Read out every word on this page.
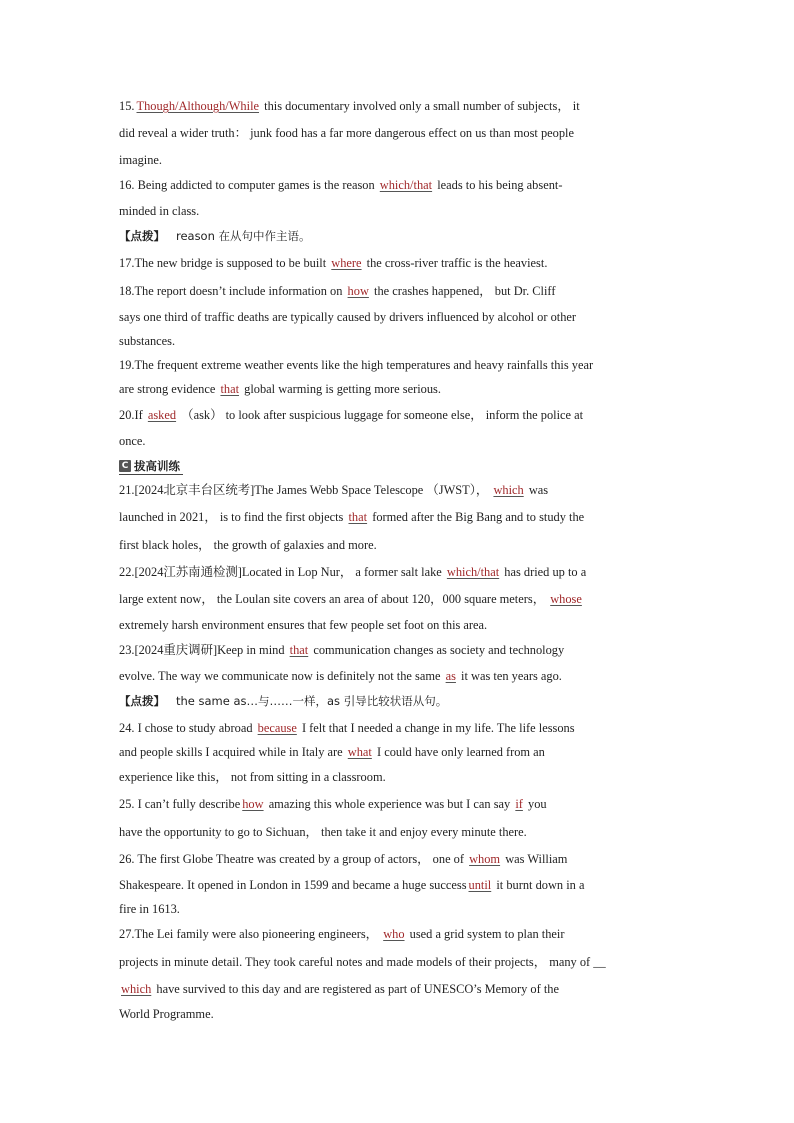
15. Though/Although/While this documentary involved only a small number of subjects， it
did reveal a wider truth： junk food has a far more dangerous effect on us than most people
imagine.
16. Being addicted to computer games is the reason which/that leads to his being absent-
minded in class.
【点拨】 reason 在从句中作主语。
17.The new bridge is supposed to be built where the cross-river traffic is the heaviest.
18.The report doesn’t include information on how the crashes happened， but Dr. Cliff
says one third of traffic deaths are typically caused by drivers influenced by alcohol or other
substances.
19.The frequent extreme weather events like the high temperatures and heavy rainfalls this year
are strong evidence that global warming is getting more serious.
20.If asked （ask） to look after suspicious luggage for someone else， inform the police at
once.
C 拔高训练
21.[2024北京丰台区统考]The James Webb Space Telescope （JWST）， which was
launched in 2021， is to find the first objects that formed after the Big Bang and to study the
first black holes， the growth of galaxies and more.
22.[2024江苏南通检测]Located in Lop Nur， a former salt lake which/that has dried up to a
large extent now， the Loulan site covers an area of about 120，000 square meters， whose
extremely harsh environment ensures that few people set foot on this area.
23.[2024重庆调研]Keep in mind that communication changes as society and technology
evolve. The way we communicate now is definitely not the same as it was ten years ago.
【点拨】 the same as…与……一样，as 引导比较状语从句。
24. I chose to study abroad because I felt that I needed a change in my life. The life lessons
and people skills I acquired while in Italy are what I could have only learned from an
experience like this， not from sitting in a classroom.
25. I can’t fully describe how amazing this whole experience was but I can say if you
have the opportunity to go to Sichuan， then take it and enjoy every minute there.
26. The first Globe Theatre was created by a group of actors， one of whom was William
Shakespeare. It opened in London in 1599 and became a huge success until it burnt down in a
fire in 1613.
27.The Lei family were also pioneering engineers， who used a grid system to plan their
projects in minute detail. They took careful notes and made models of their projects， many of __
which have survived to this day and are registered as part of UNESCO’s Memory of the
World Programme.
